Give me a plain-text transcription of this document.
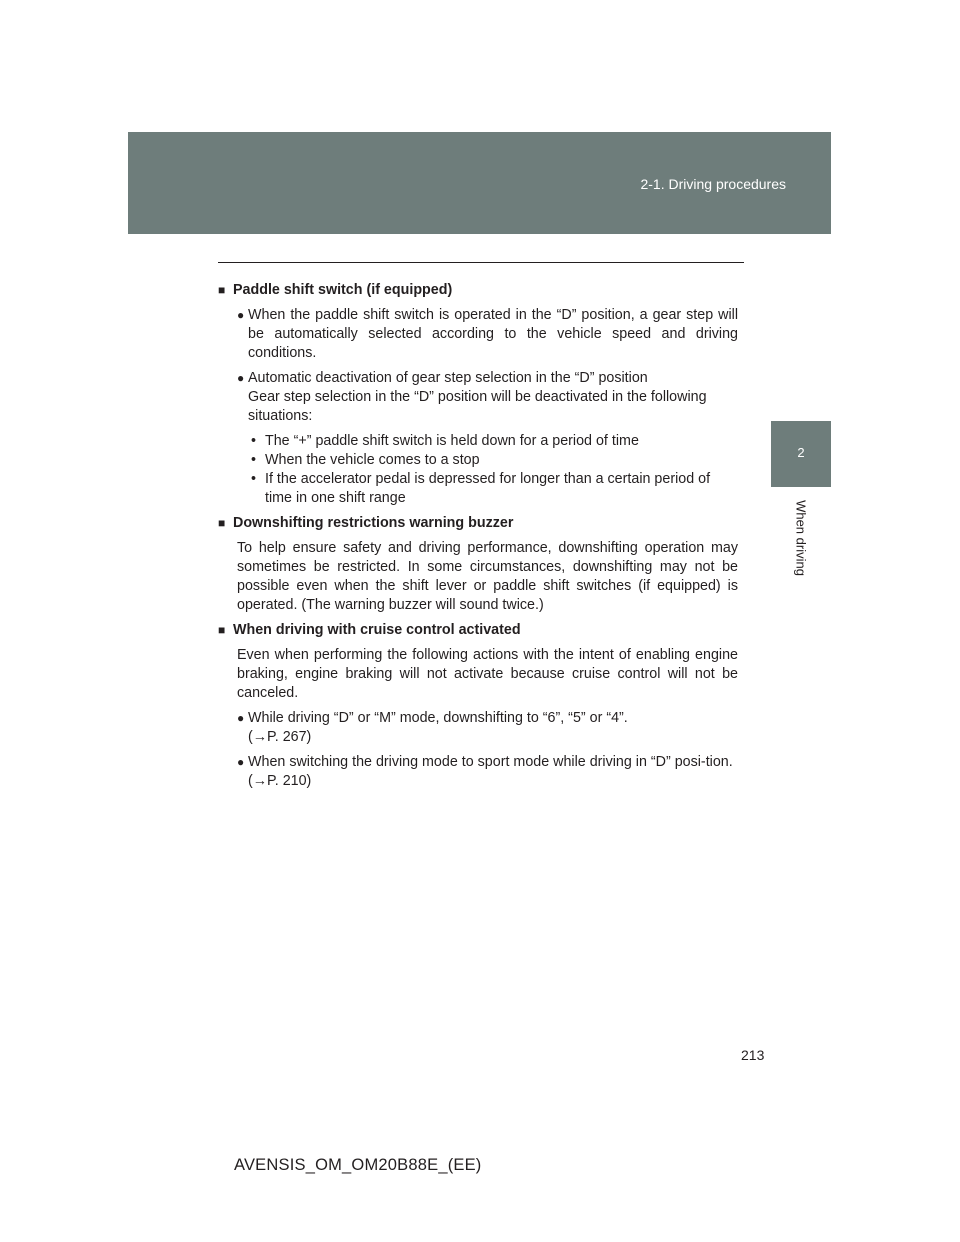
2-1. Driving procedures
2
When driving
■ Paddle shift switch (if equipped)
● When the paddle shift switch is operated in the “D” position, a gear step will be automatically selected according to the vehicle speed and driving conditions.
● Automatic deactivation of gear step selection in the “D” position
Gear step selection in the “D” position will be deactivated in the following situations:
• The “+” paddle shift switch is held down for a period of time
• When the vehicle comes to a stop
• If the accelerator pedal is depressed for longer than a certain period of time in one shift range
■ Downshifting restrictions warning buzzer
To help ensure safety and driving performance, downshifting operation may sometimes be restricted. In some circumstances, downshifting may not be possible even when the shift lever or paddle shift switches (if equipped) is operated. (The warning buzzer will sound twice.)
■ When driving with cruise control activated
Even when performing the following actions with the intent of enabling engine braking, engine braking will not activate because cruise control will not be canceled.
● While driving “D” or “M” mode, downshifting to “6”, “5” or “4”.
(→P. 267)
● When switching the driving mode to sport mode while driving in “D” posi-tion. (→P. 210)
213
AVENSIS_OM_OM20B88E_(EE)
